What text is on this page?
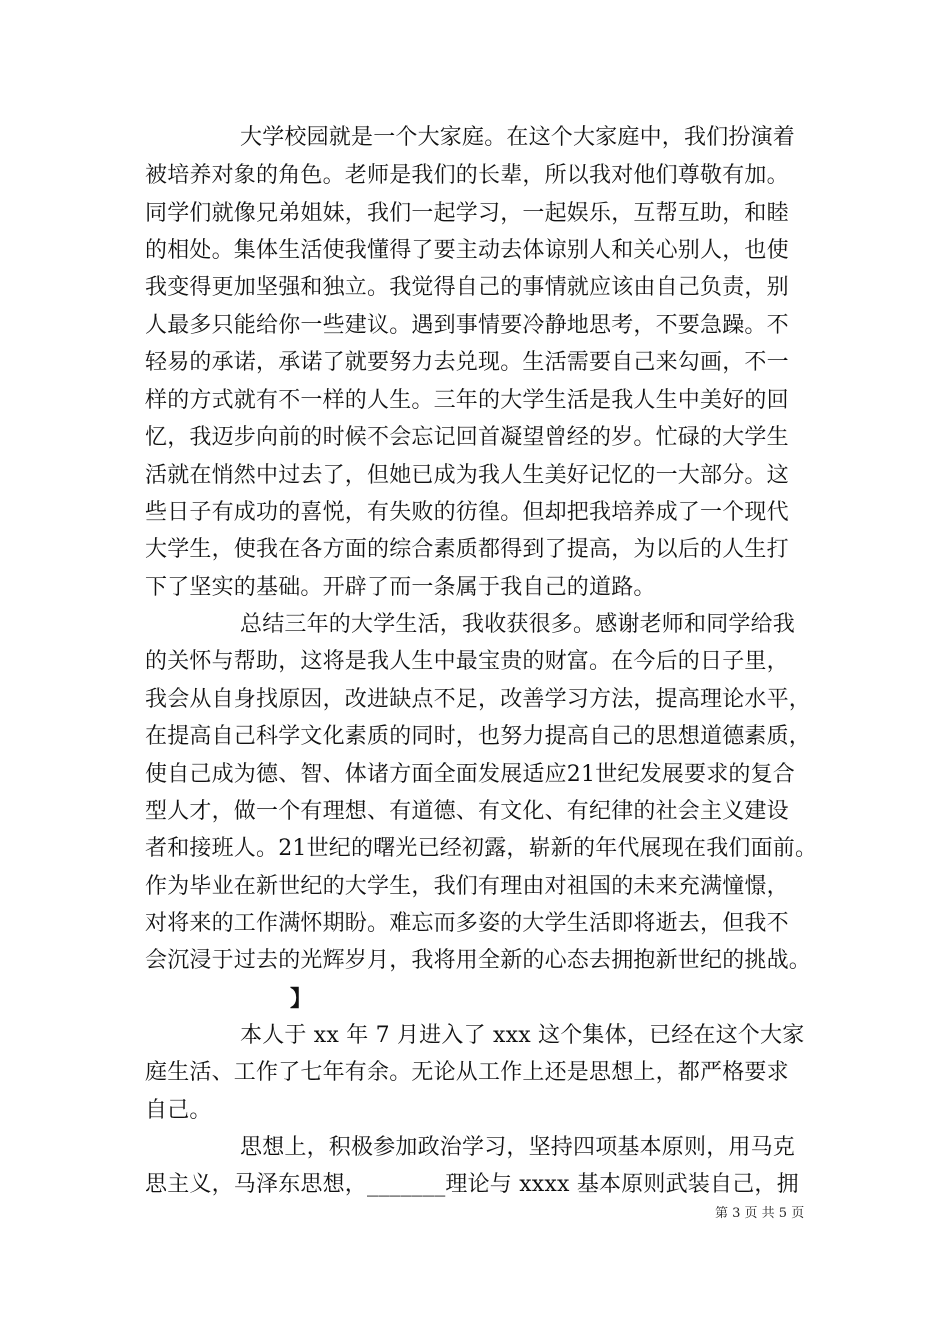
大学校园就是一个大家庭。在这个大家庭中，我们扮演着
被培养对象的角色。老师是我们的长辈，所以我对他们尊敬有加。
同学们就像兄弟姐妹，我们一起学习，一起娱乐，互帮互助，和睦
的相处。集体生活使我懂得了要主动去体谅别人和关心别人，也使
我变得更加坚强和独立。我觉得自己的事情就应该由自己负责，别
人最多只能给你一些建议。遇到事情要冷静地思考，不要急躁。不
轻易的承诺，承诺了就要努力去兑现。生活需要自己来勾画，不一
样的方式就有不一样的人生。三年的大学生活是我人生中美好的回
忆，我迈步向前的时候不会忘记回首凝望曾经的岁。忙碌的大学生
活就在悄然中过去了，但她已成为我人生美好记忆的一大部分。这
些日子有成功的喜悦，有失败的彷徨。但却把我培养成了一个现代
大学生，使我在各方面的综合素质都得到了提高，为以后的人生打
下了坚实的基础。开辟了而一条属于我自己的道路。
总结三年的大学生活，我收获很多。感谢老师和同学给我
的关怀与帮助，这将是我人生中最宝贵的财富。在今后的日子里，
我会从自身找原因，改进缺点不足，改善学习方法，提高理论水平，
在提高自己科学文化素质的同时，也努力提高自己的思想道德素质，
使自己成为德、智、体诸方面全面发展适应21世纪发展要求的复合
型人才，做一个有理想、有道德、有文化、有纪律的社会主义建设
者和接班人。21世纪的曙光已经初露，崭新的年代展现在我们面前。
作为毕业在新世纪的大学生，我们有理由对祖国的未来充满憧憬，
对将来的工作满怀期盼。难忘而多姿的大学生活即将逝去，但我不
会沉浸于过去的光辉岁月，我将用全新的心态去拥抱新世纪的挑战。
】
本人于 xx 年 7 月进入了 xxx 这个集体，已经在这个大家
庭生活、工作了七年有余。无论从工作上还是思想上，都严格要求
自己。
思想上，积极参加政治学习，坚持四项基本原则，用马克
思主义，马泽东思想，_______理论与 xxxx 基本原则武装自己，拥
第 3 页 共 5 页
